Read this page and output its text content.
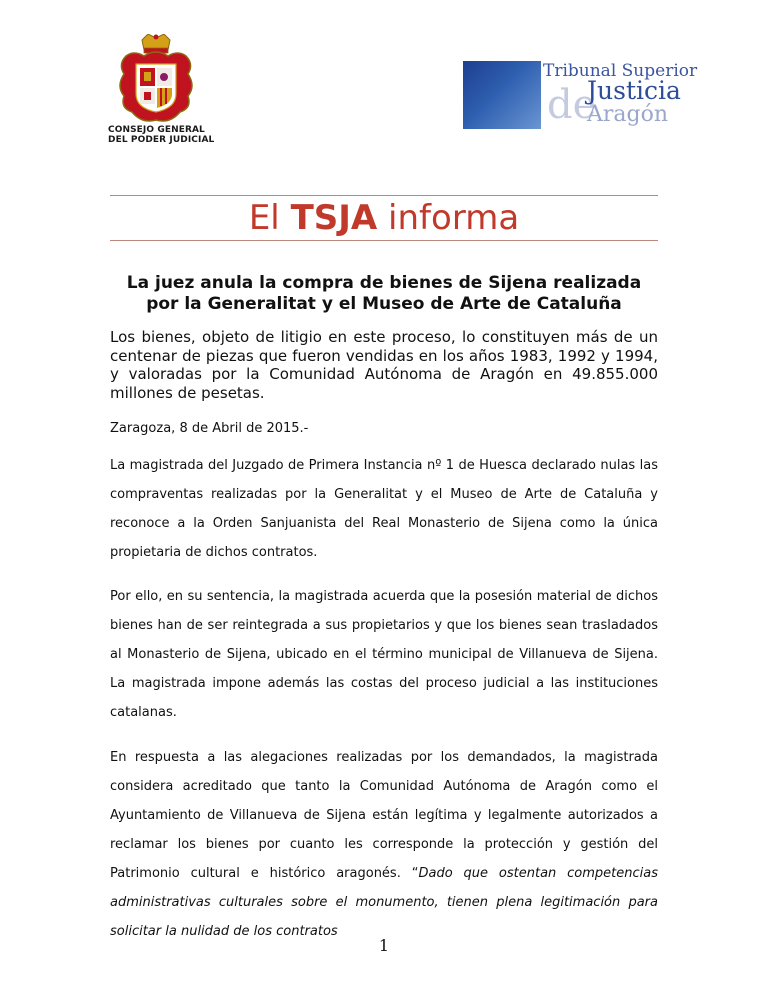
CONSEJO GENERAL
DEL PODER JUDICIAL
de
Tribunal Superior
Justicia
Aragón
El TSJA informa
La juez anula la compra de bienes de Sijena realizada por la Generalitat y el Museo de Arte de Cataluña
Los bienes, objeto de litigio en este proceso, lo constituyen más de un centenar de piezas que fueron vendidas en los años 1983, 1992 y 1994, y valoradas por la Comunidad Autónoma de Aragón en 49.855.000 millones de pesetas.
Zaragoza, 8 de Abril de 2015.-
La magistrada del Juzgado de Primera Instancia nº 1 de Huesca declarado nulas las compraventas realizadas por la Generalitat y el Museo de Arte de Cataluña y reconoce a la Orden Sanjuanista del Real Monasterio de Sijena como la única propietaria de dichos contratos.
Por ello, en su sentencia, la magistrada acuerda que la posesión material de dichos bienes han de ser reintegrada a sus propietarios y que los bienes sean trasladados al Monasterio de Sijena, ubicado en el término municipal de Villanueva de Sijena. La magistrada impone además las costas del proceso judicial a las instituciones catalanas.
En respuesta a las alegaciones realizadas por los demandados, la magistrada considera acreditado que tanto la Comunidad Autónoma de Aragón como el Ayuntamiento de Villanueva de Sijena están legítima y legalmente autorizados a reclamar los bienes por cuanto les corresponde la protección y gestión del Patrimonio cultural e histórico aragonés. “Dado que ostentan competencias administrativas culturales sobre el monumento, tienen plena legitimación para solicitar la nulidad de los contratos
1
